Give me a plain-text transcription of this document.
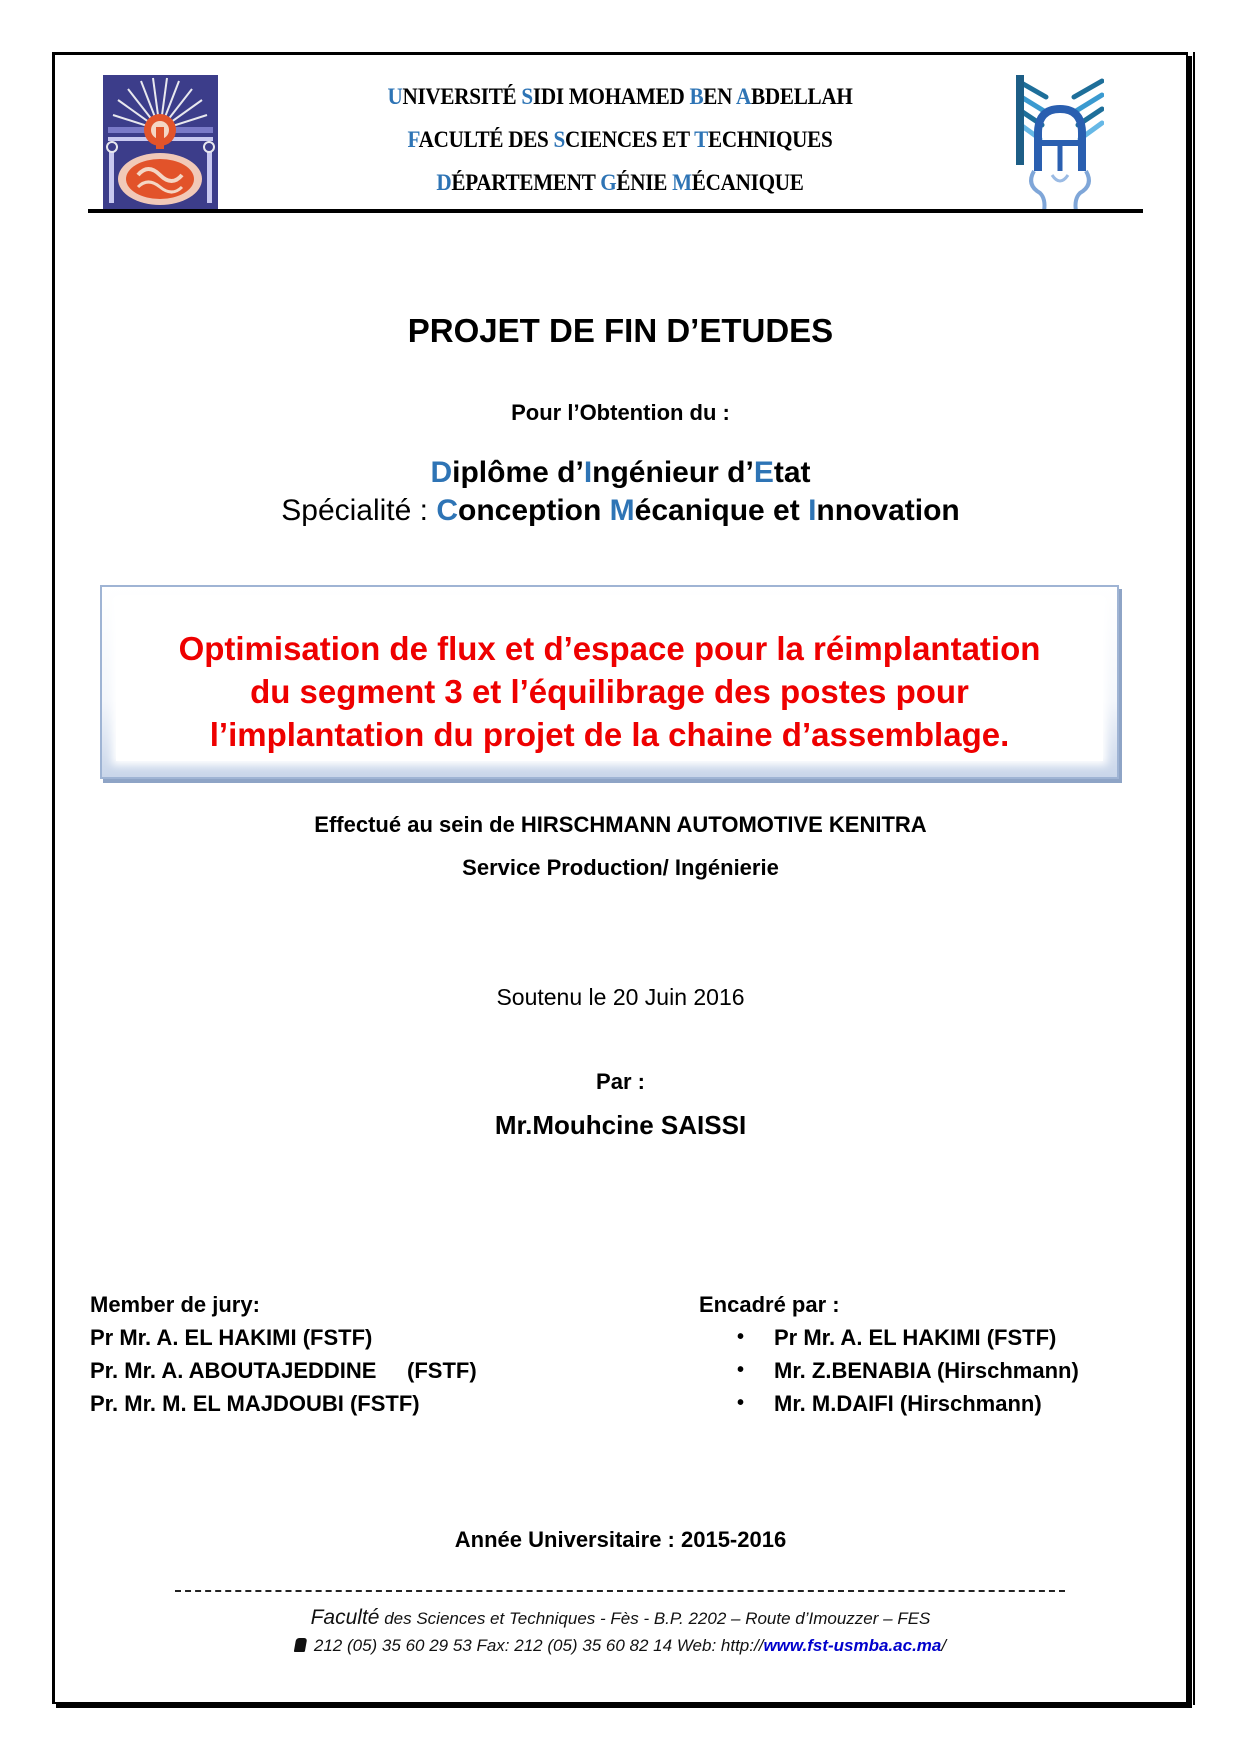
UNIVERSITÉ SIDI MOHAMED BEN ABDELLAH
FACULTÉ DES SCIENCES ET TECHNIQUES
DÉPARTEMENT GÉNIE MÉCANIQUE
PROJET DE FIN D’ETUDES
Pour l’Obtention du :
Diplôme d’Ingénieur d’Etat
Spécialité : Conception Mécanique et Innovation
Optimisation de flux et d’espace pour la réimplantation
du segment 3 et l’équilibrage des postes pour
l’implantation du projet de la chaine d’assemblage.
Effectué au sein de HIRSCHMANN AUTOMOTIVE KENITRA
Service Production/ Ingénierie
Soutenu le 20 Juin 2016
Par :
Mr.Mouhcine SAISSI
Member de jury:
Pr Mr. A. EL HAKIMI (FSTF)
Pr. Mr. A. ABOUTAJEDDINE     (FSTF)
Pr. Mr. M. EL MAJDOUBI (FSTF)
Encadré par :
• Pr Mr. A. EL HAKIMI (FSTF)
• Mr. Z.BENABIA (Hirschmann)
• Mr. M.DAIFI (Hirschmann)
Année Universitaire : 2015-2016
Faculté des Sciences et Techniques - Fès - B.P. 2202 – Route d’Imouzzer – FES
212 (05) 35 60 29 53 Fax: 212 (05) 35 60 82 14 Web: http://www.fst-usmba.ac.ma/
